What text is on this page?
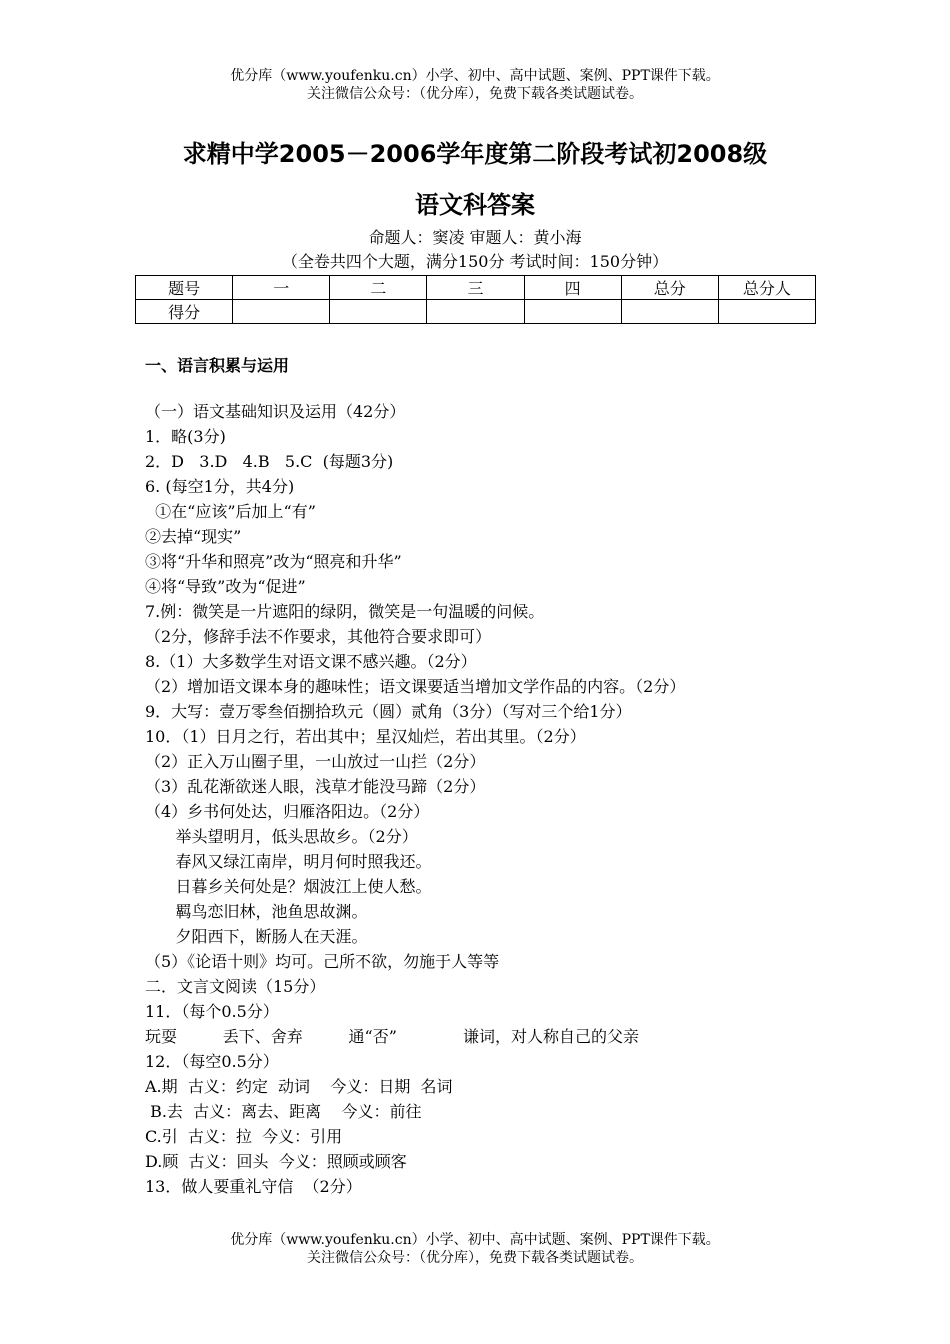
优分库（www.youfenku.cn）小学、初中、高中试题、案例、PPT课件下载。
关注微信公众号：（优分库），免费下载各类试题试卷。
求精中学2005－2006学年度第二阶段考试初2008级
语文科答案
命题人：窦凌 审题人：黄小海
（全卷共四个大题，满分150分 考试时间：150分钟）
题号	一	二	三	四	总分	总分人
得分						
一、语言积累与运用
（一）语文基础知识及运用（42分）
1．略(3分)
2．D   3.D   4.B   5.C  (每题3分)
6. (每空1分，共4分)
①在“应该”后加上“有”
②去掉“现实”
③将“升华和照亮”改为“照亮和升华”
④将“导致”改为“促进”
7.例：微笑是一片遮阳的绿阴，微笑是一句温暖的问候。
（2分，修辞手法不作要求，其他符合要求即可）
8.（1）大多数学生对语文课不感兴趣。（2分）
（2）增加语文课本身的趣味性；语文课要适当增加文学作品的内容。（2分）
9．大写：壹万零叁佰捌拾玖元（圆）贰角（3分）（写对三个给1分）
10．（1）日月之行，若出其中；星汉灿烂，若出其里。（2分）
（2）正入万山圈子里，一山放过一山拦（2分）
（3）乱花渐欲迷人眼，浅草才能没马蹄（2分）
（4）乡书何处达，归雁洛阳边。（2分）
举头望明月，低头思故乡。（2分）
春风又绿江南岸，明月何时照我还。
日暮乡关何处是？烟波江上使人愁。
羁鸟恋旧林，池鱼思故渊。
夕阳西下，断肠人在天涯。
（5）《论语十则》均可。己所不欲，勿施于人等等
二．文言文阅读（15分）
11．（每个0.5分）
玩耍         丢下、舍弃         通“否”             谦词，对人称自己的父亲
12．（每空0.5分）
A.期  古义：约定  动词    今义：日期  名词
B.去  古义：离去、距离    今义：前往
C.引  古义：拉  今义：引用
D.顾  古义：回头  今义：照顾或顾客
13．做人要重礼守信  （2分）
优分库（www.youfenku.cn）小学、初中、高中试题、案例、PPT课件下载。
关注微信公众号：（优分库），免费下载各类试题试卷。
